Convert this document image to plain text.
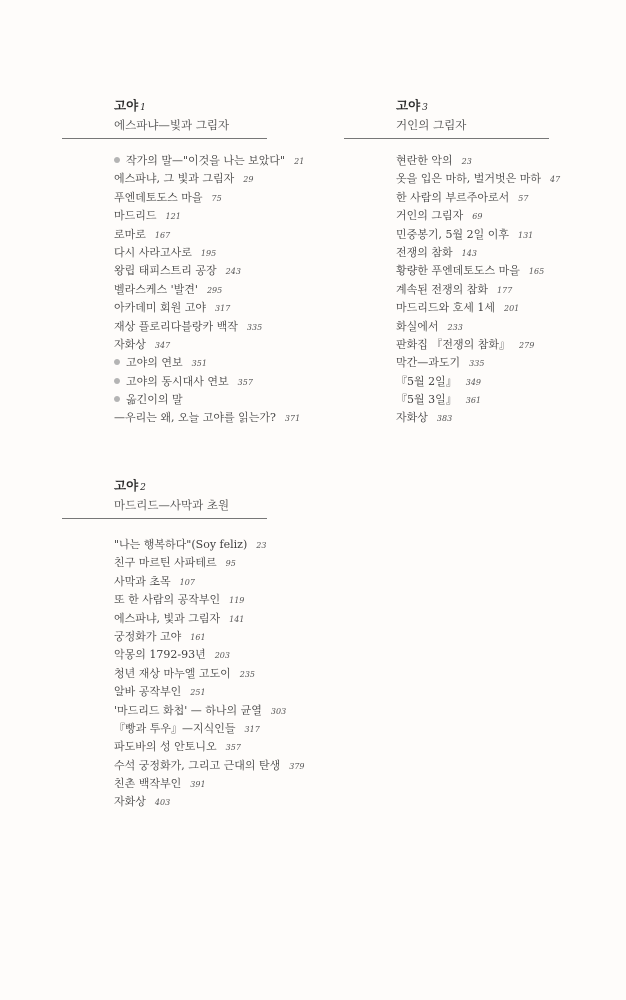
고야 1
에스파냐—빛과 그림자
작가의 말—"이것을 나는 보았다" 21
에스파냐, 그 빛과 그림자 29
푸엔데토도스 마을 75
마드리드 121
로마로 167
다시 사라고사로 195
왕립 태피스트리 공장 243
벨라스케스 '발견' 295
아카데미 회원 고야 317
재상 플로리다블랑카 백작 335
자화상 347
고야의 연보 351
고야의 동시대사 연보 357
옮긴이의 말
—우리는 왜, 오늘 고야를 읽는가? 371
고야 3
거인의 그림자
현란한 악의 23
옷을 입은 마하, 벌거벗은 마하 47
한 사람의 부르주아로서 57
거인의 그림자 69
민중봉기, 5월 2일 이후 131
전쟁의 참화 143
황량한 푸엔데토도스 마을 165
계속된 전쟁의 참화 177
마드리드와 호세 1세 201
화실에서 233
판화집 『전쟁의 참화』 279
막간—과도기 335
『5월 2일』 349
『5월 3일』 361
자화상 383
고야 2
마드리드—사막과 초원
"나는 행복하다"(Soy feliz) 23
친구 마르틴 사파테르 95
사막과 초목 107
또 한 사람의 공작부인 119
에스파냐, 빛과 그림자 141
궁정화가 고야 161
악몽의 1792-93년 203
청년 재상 마누엘 고도이 235
알바 공작부인 251
'마드리드 화첩' — 하나의 균열 303
『빵과 투우』—지식인들 317
파도바의 성 안토니오 357
수석 궁정화가, 그리고 근대의 탄생 379
친촌 백작부인 391
자화상 403
